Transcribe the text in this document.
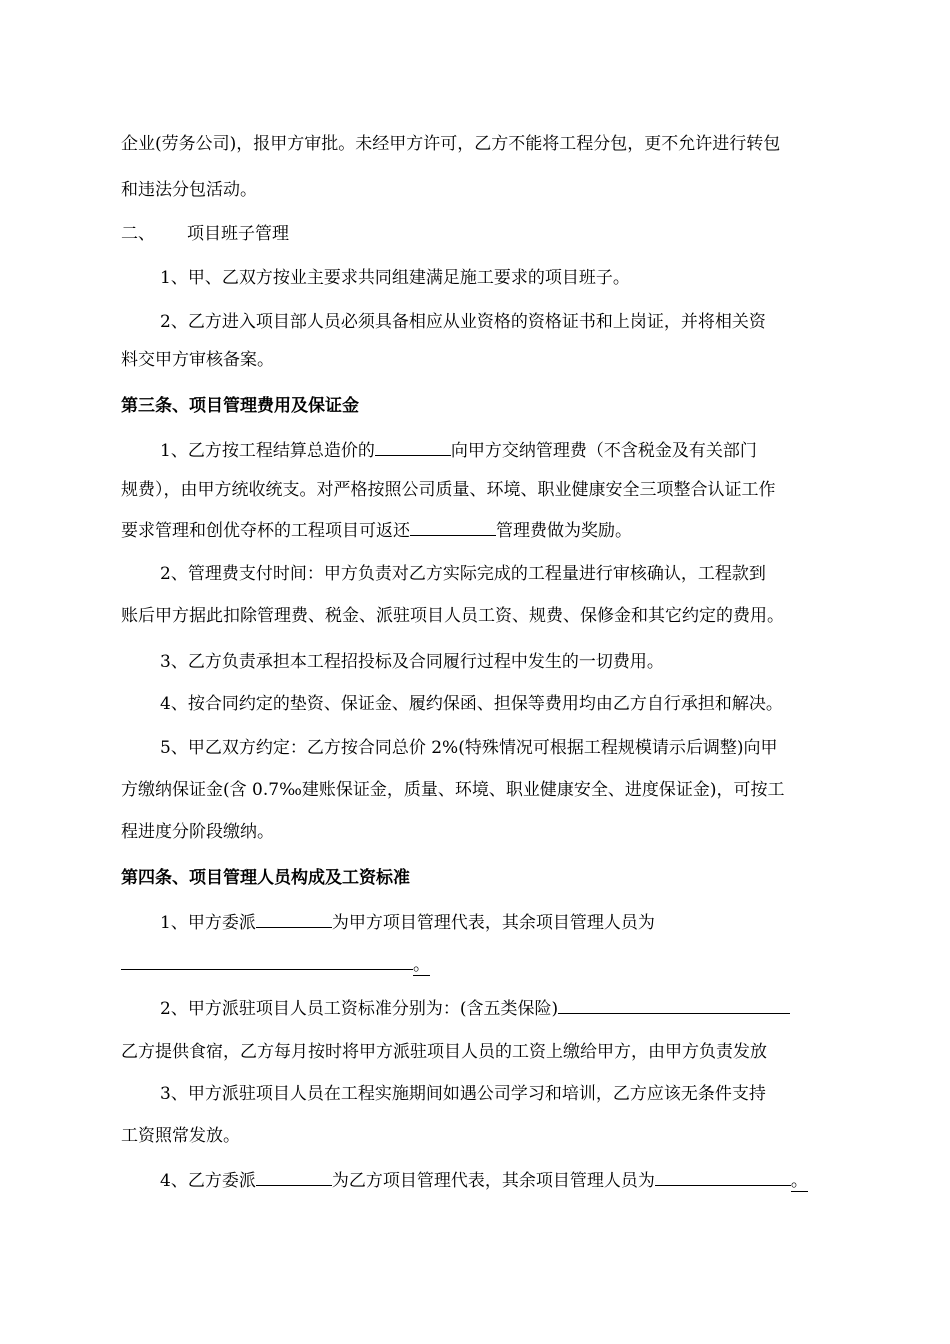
企业(劳务公司)，报甲方审批。未经甲方许可，乙方不能将工程分包，更不允许进行转包
和违法分包活动。
二、 项目班子管理
1、甲、乙双方按业主要求共同组建满足施工要求的项目班子。
2、乙方进入项目部人员必须具备相应从业资格的资格证书和上岗证，并将相关资
料交甲方审核备案。
第三条、项目管理费用及保证金
1、乙方按工程结算总造价的	向甲方交纳管理费（不含税金及有关部门
规费），由甲方统收统支。对严格按照公司质量、环境、职业健康安全三项整合认证工作
要求管理和创优夺杯的工程项目可返还	管理费做为奖励。
2、管理费支付时间：甲方负责对乙方实际完成的工程量进行审核确认，工程款到
账后甲方据此扣除管理费、税金、派驻项目人员工资、规费、保修金和其它约定的费用。
3、乙方负责承担本工程招投标及合同履行过程中发生的一切费用。
4、按合同约定的垫资、保证金、履约保函、担保等费用均由乙方自行承担和解决。
5、甲乙双方约定：乙方按合同总价 2%(特殊情况可根据工程规模请示后调整)向甲
方缴纳保证金(含 0.7‰建账保证金，质量、环境、职业健康安全、进度保证金)，可按工
程进度分阶段缴纳。
第四条、项目管理人员构成及工资标准
1、甲方委派	为甲方项目管理代表，其余项目管理人员为
。
2、甲方派驻项目人员工资标准分别为：(含五类保险)
乙方提供食宿，乙方每月按时将甲方派驻项目人员的工资上缴给甲方，由甲方负责发放
3、甲方派驻项目人员在工程实施期间如遇公司学习和培训，乙方应该无条件支持
工资照常发放。
4、乙方委派	为乙方项目管理代表，其余项目管理人员为	。
